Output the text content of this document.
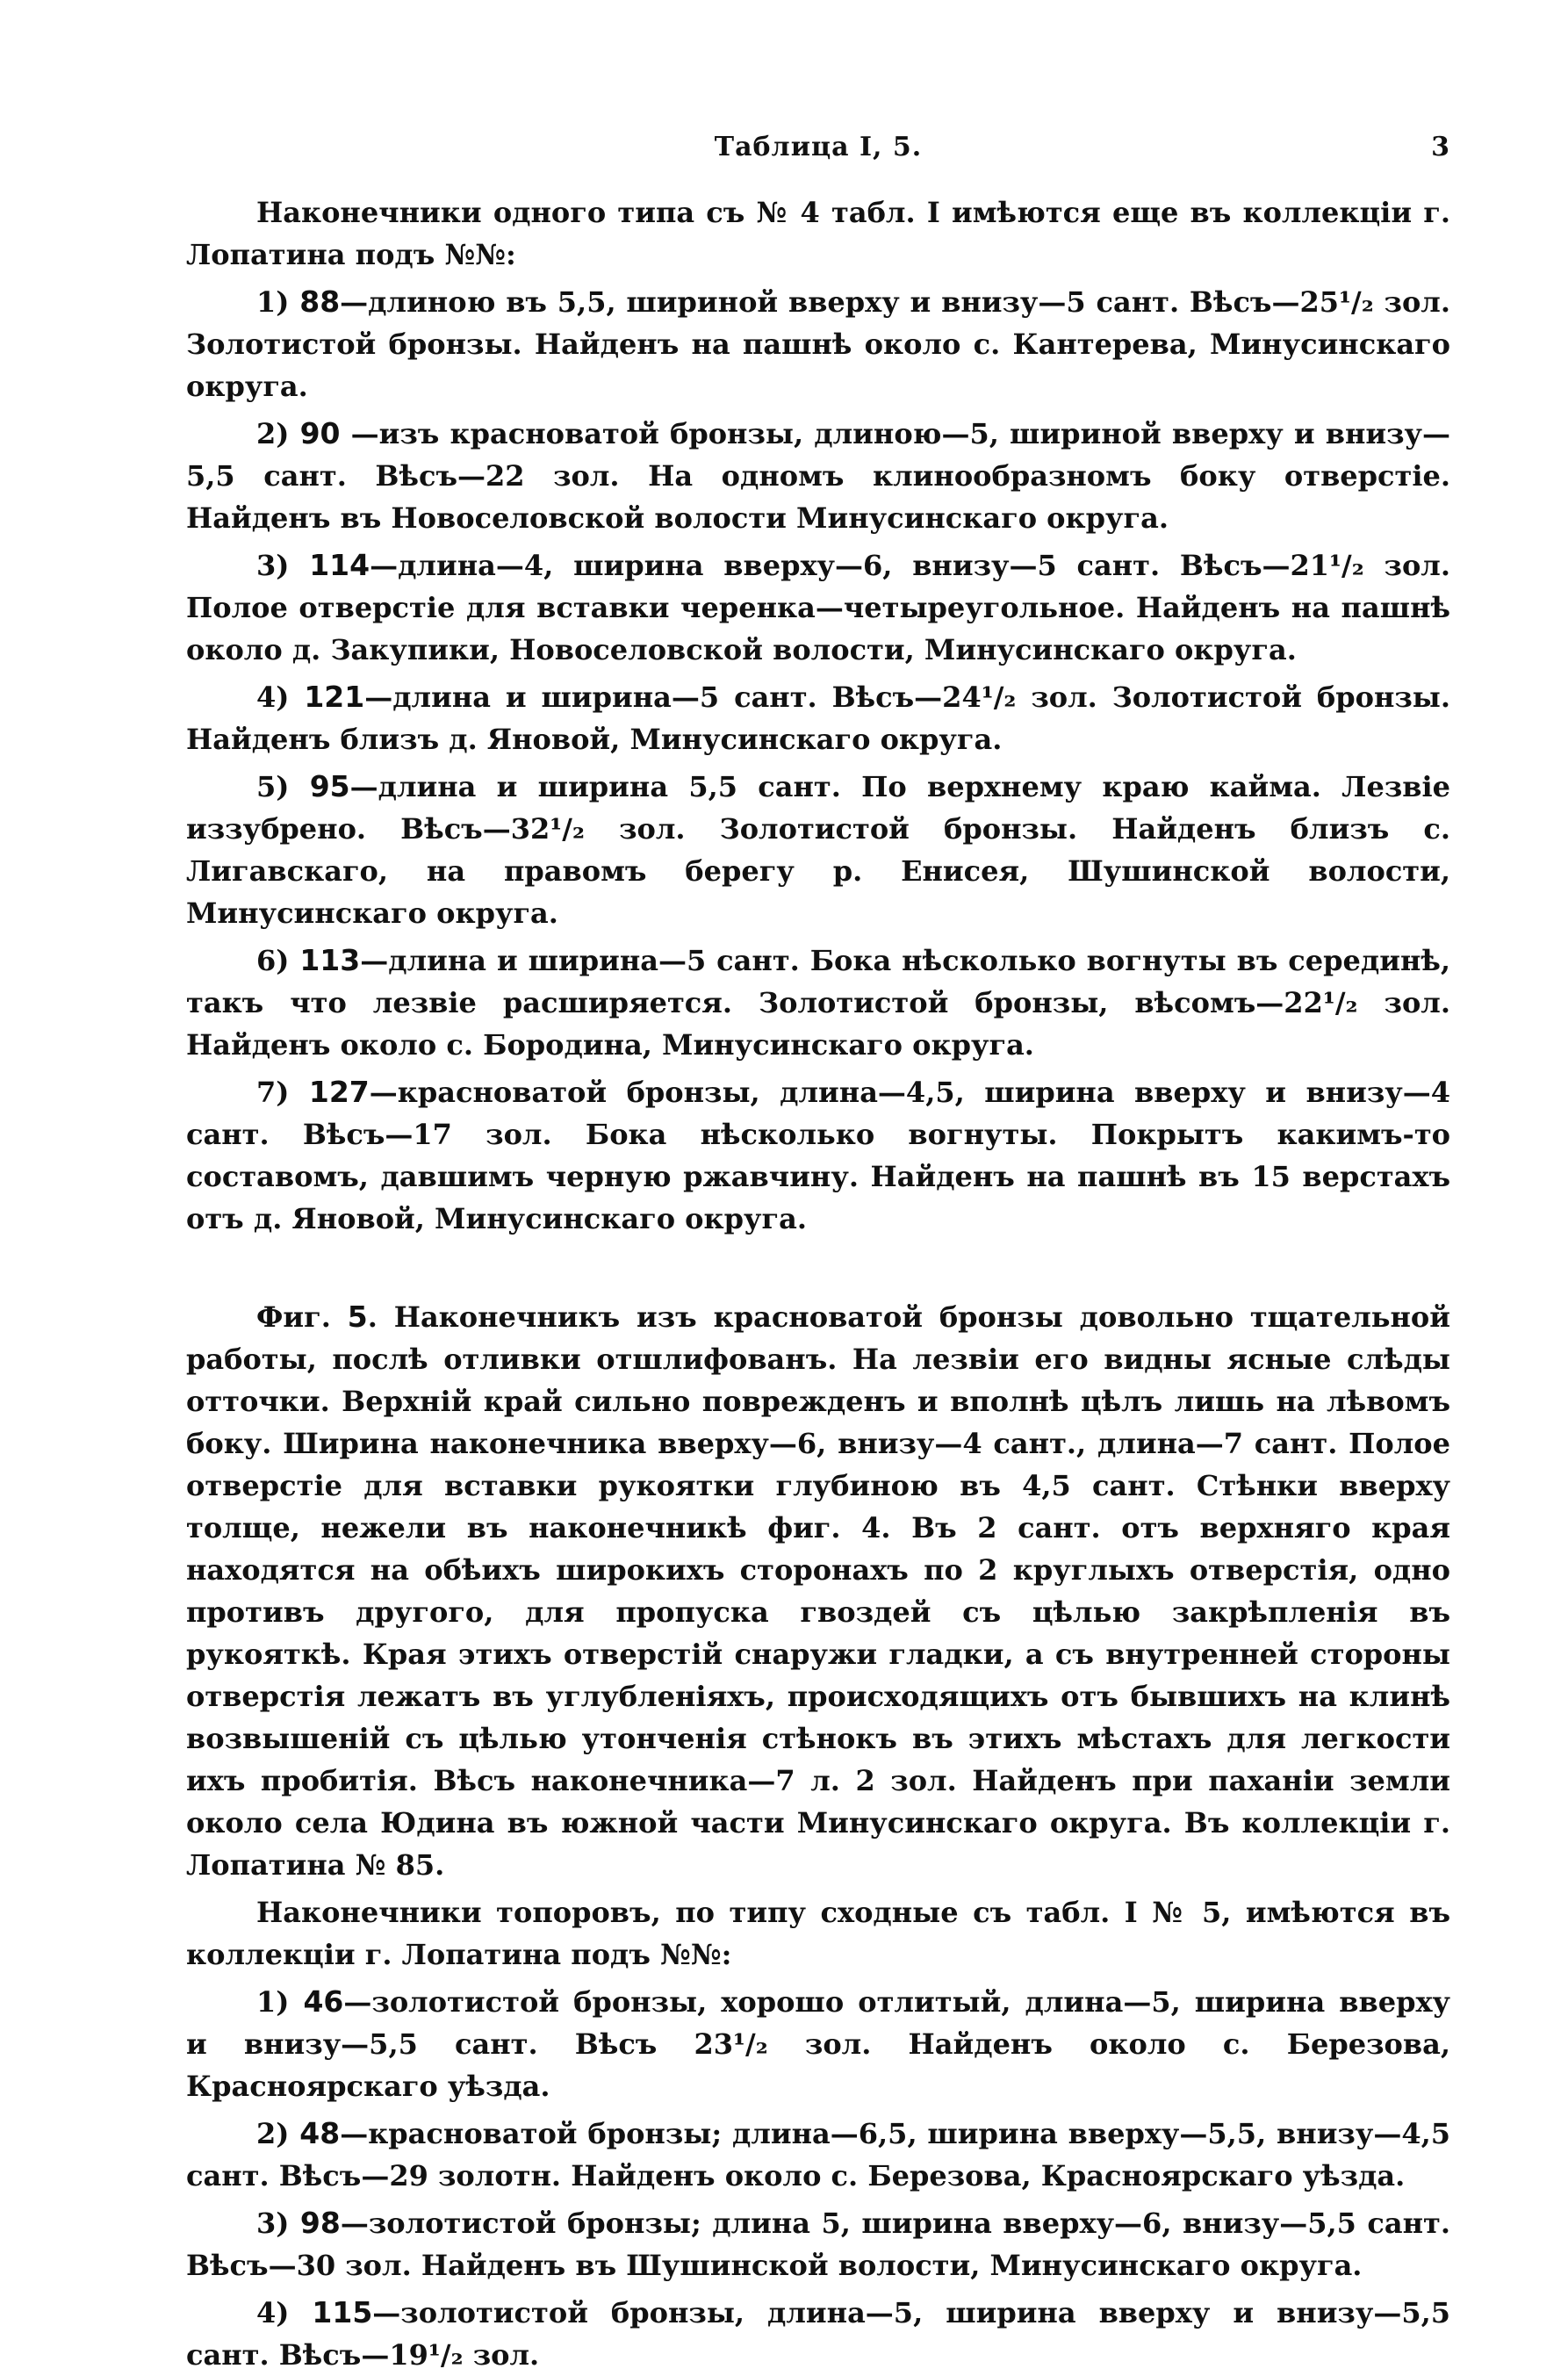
Таблица I, 5.	3

Наконечники одного типа съ № 4 табл. I имѣются еще въ коллекціи г. Лопатина подъ №№:

1) 88—длиною въ 5,5, шириной вверху и внизу—5 сант. Вѣсъ—25¹/₂ зол. Золотистой бронзы. Найденъ на пашнѣ около с. Кантерева, Минусинскаго округа.

2) 90 —изъ красноватой бронзы, длиною—5, шириной вверху и внизу—5,5 сант. Вѣсъ—22 зол. На одномъ клинообразномъ боку отверстіе. Найденъ въ Новоселовской волости Минусинскаго округа.

3) 114—длина—4, ширина вверху—6, внизу—5 сант. Вѣсъ—21¹/₂ зол. Полое отверстіе для вставки черенка—четыреугольное. Найденъ на пашнѣ около д. Закупики, Новоселовской волости, Минусинскаго округа.

4) 121—длина и ширина—5 сант. Вѣсъ—24¹/₂ зол. Золотистой бронзы. Найденъ близъ д. Яновой, Минусинскаго округа.

5) 95—длина и ширина 5,5 сант. По верхнему краю кайма. Лезвіе иззубрено. Вѣсъ—32¹/₂ зол. Золотистой бронзы. Найденъ близъ с. Лигавскаго, на правомъ берегу р. Енисея, Шушинской волости, Минусинскаго округа.

6) 113—длина и ширина—5 сант. Бока нѣсколько вогнуты въ серединѣ, такъ что лезвіе расширяется. Золотистой бронзы, вѣсомъ—22¹/₂ зол. Найденъ около с. Бородина, Минусинскаго округа.

7) 127—красноватой бронзы, длина—4,5, ширина вверху и внизу—4 сант. Вѣсъ—17 зол. Бока нѣсколько вогнуты. Покрытъ какимъ-то составомъ, давшимъ черную ржавчину. Найденъ на пашнѣ въ 15 верстахъ отъ д. Яновой, Минусинскаго округа.

Фиг. 5. Наконечникъ изъ красноватой бронзы довольно тщательной работы, послѣ отливки отшлифованъ. На лезвіи его видны ясные слѣды отточки. Верхній край сильно поврежденъ и вполнѣ цѣлъ лишь на лѣвомъ боку. Ширина наконечника вверху—6, внизу—4 сант., длина—7 сант. Полое отверстіе для вставки рукоятки глубиною въ 4,5 сант. Стѣнки вверху толще, нежели въ наконечникѣ фиг. 4. Въ 2 сант. отъ верхняго края находятся на обѣихъ широкихъ сторонахъ по 2 круглыхъ отверстія, одно противъ другого, для пропуска гвоздей съ цѣлью закрѣпленія въ рукояткѣ. Края этихъ отверстій снаружи гладки, а съ внутренней стороны отверстія лежатъ въ углубленіяхъ, происходящихъ отъ бывшихъ на клинѣ возвышеній съ цѣлью утонченія стѣнокъ въ этихъ мѣстахъ для легкости ихъ пробитія. Вѣсъ наконечника—7 л. 2 зол. Найденъ при паханіи земли около села Юдина въ южной части Минусинскаго округа. Въ коллекціи г. Лопатина № 85.

Наконечники топоровъ, по типу сходные съ табл. I № 5, имѣются въ коллекціи г. Лопатина подъ №№:

1) 46—золотистой бронзы, хорошо отлитый, длина—5, ширина вверху и внизу—5,5 сант. Вѣсъ 23¹/₂ зол. Найденъ около с. Березова, Красноярскаго уѣзда.

2) 48—красноватой бронзы; длина—6,5, ширина вверху—5,5, внизу—4,5 сант. Вѣсъ—29 золотн. Найденъ около с. Березова, Красноярскаго уѣзда.

3) 98—золотистой бронзы; длина 5, ширина вверху—6, внизу—5,5 сант. Вѣсъ—30 зол. Найденъ въ Шушинской волости, Минусинскаго округа.

4) 115—золотистой бронзы, длина—5, ширина вверху и внизу—5,5 сант. Вѣсъ—19¹/₂ зол.
